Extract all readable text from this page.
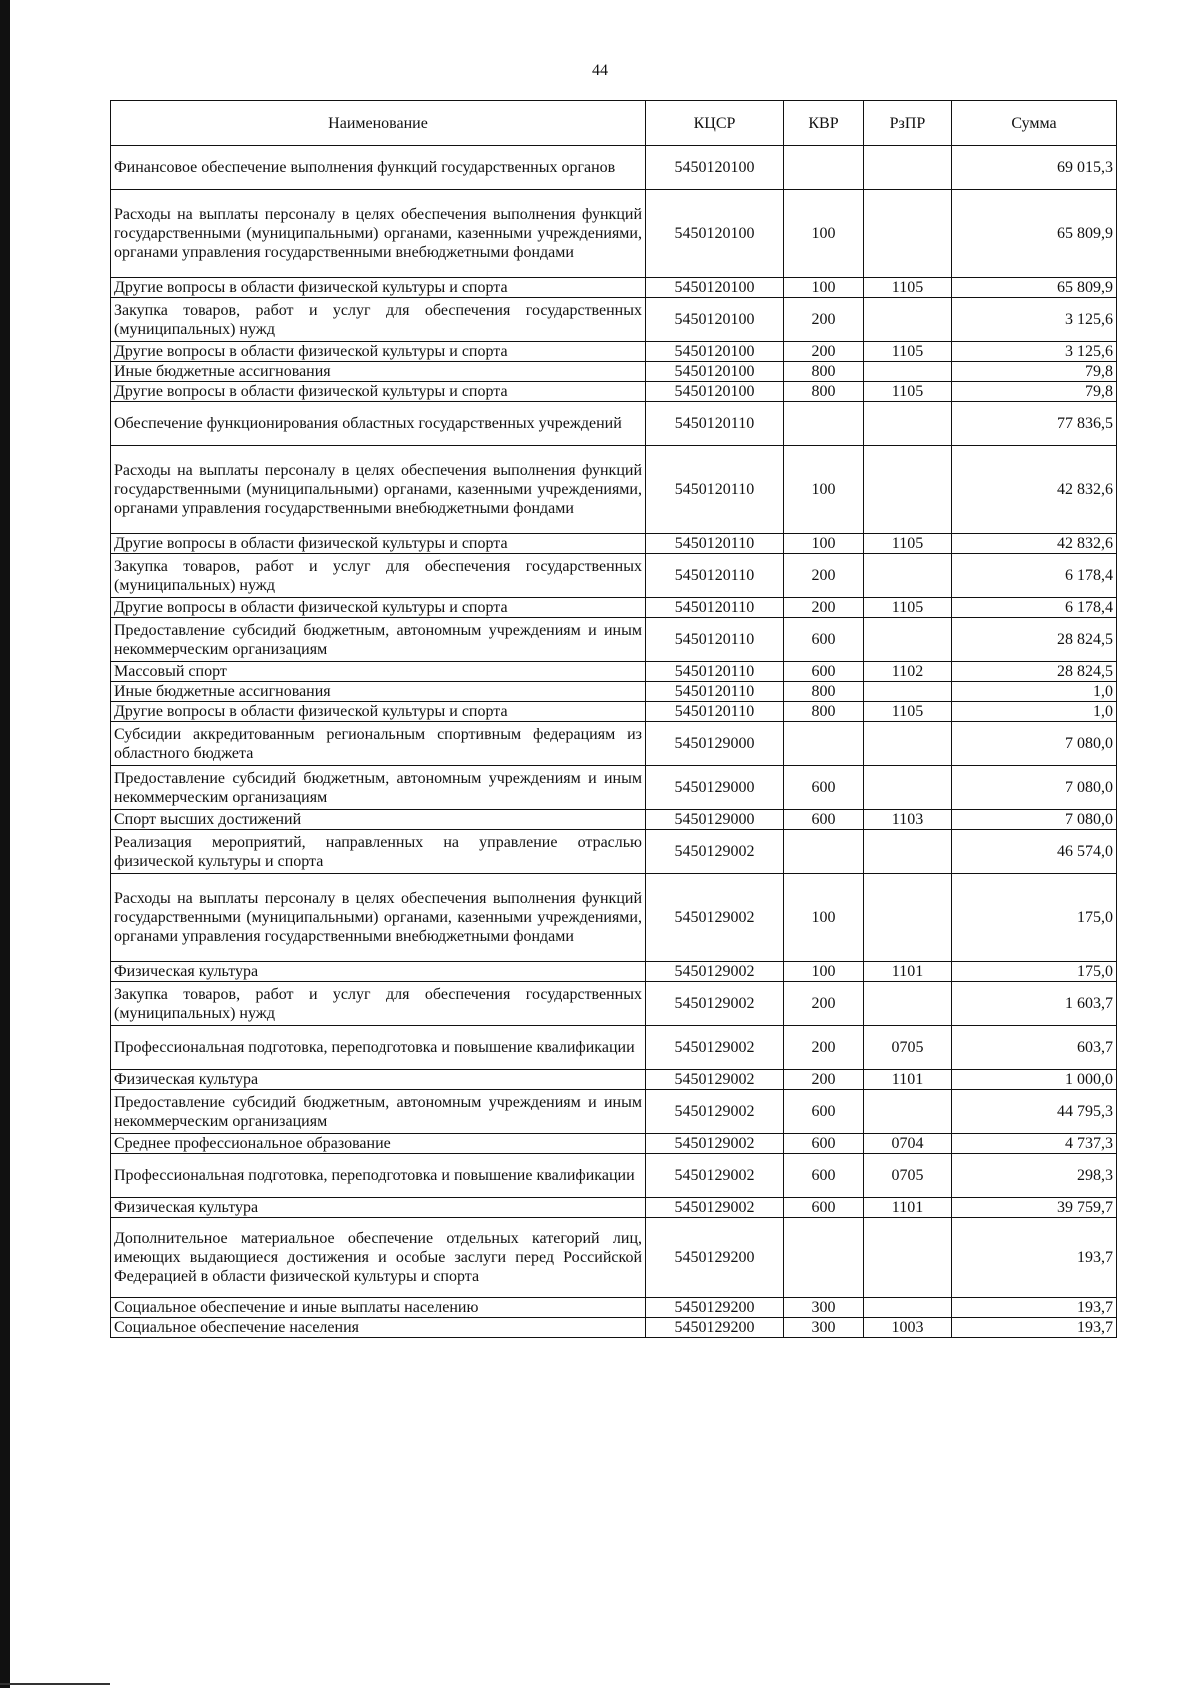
44
Наименование	КЦСР	КВР	РзПР	Сумма
Финансовое обеспечение выполнения функций государственных органов	5450120100			69 015,3
Расходы на выплаты персоналу в целях обеспечения выполнения функций государственными (муниципальными) органами, казенными учреждениями, органами управления государственными внебюджетными фондами	5450120100	100		65 809,9
Другие вопросы в области физической культуры и спорта	5450120100	100	1105	65 809,9
Закупка товаров, работ и услуг для обеспечения государственных (муниципальных) нужд	5450120100	200		3 125,6
Другие вопросы в области физической культуры и спорта	5450120100	200	1105	3 125,6
Иные бюджетные ассигнования	5450120100	800		79,8
Другие вопросы в области физической культуры и спорта	5450120100	800	1105	79,8
Обеспечение функционирования областных государственных учреждений	5450120110			77 836,5
Расходы на выплаты персоналу в целях обеспечения выполнения функций государственными (муниципальными) органами, казенными учреждениями, органами управления государственными внебюджетными фондами	5450120110	100		42 832,6
Другие вопросы в области физической культуры и спорта	5450120110	100	1105	42 832,6
Закупка товаров, работ и услуг для обеспечения государственных (муниципальных) нужд	5450120110	200		6 178,4
Другие вопросы в области физической культуры и спорта	5450120110	200	1105	6 178,4
Предоставление субсидий бюджетным, автономным учреждениям и иным некоммерческим организациям	5450120110	600		28 824,5
Массовый спорт	5450120110	600	1102	28 824,5
Иные бюджетные ассигнования	5450120110	800		1,0
Другие вопросы в области физической культуры и спорта	5450120110	800	1105	1,0
Субсидии аккредитованным региональным спортивным федерациям из областного бюджета	5450129000			7 080,0
Предоставление субсидий бюджетным, автономным учреждениям и иным некоммерческим организациям	5450129000	600		7 080,0
Спорт высших достижений	5450129000	600	1103	7 080,0
Реализация мероприятий, направленных на управление отраслью физической культуры и спорта	5450129002			46 574,0
Расходы на выплаты персоналу в целях обеспечения выполнения функций государственными (муниципальными) органами, казенными учреждениями, органами управления государственными внебюджетными фондами	5450129002	100		175,0
Физическая культура	5450129002	100	1101	175,0
Закупка товаров, работ и услуг для обеспечения государственных (муниципальных) нужд	5450129002	200		1 603,7
Профессиональная подготовка, переподготовка и повышение квалификации	5450129002	200	0705	603,7
Физическая культура	5450129002	200	1101	1 000,0
Предоставление субсидий бюджетным, автономным учреждениям и иным некоммерческим организациям	5450129002	600		44 795,3
Среднее профессиональное образование	5450129002	600	0704	4 737,3
Профессиональная подготовка, переподготовка и повышение квалификации	5450129002	600	0705	298,3
Физическая культура	5450129002	600	1101	39 759,7
Дополнительное материальное обеспечение отдельных категорий лиц, имеющих выдающиеся достижения и особые заслуги перед Российской Федерацией в области физической культуры и спорта	5450129200			193,7
Социальное обеспечение и иные выплаты населению	5450129200	300		193,7
Социальное обеспечение населения	5450129200	300	1003	193,7
